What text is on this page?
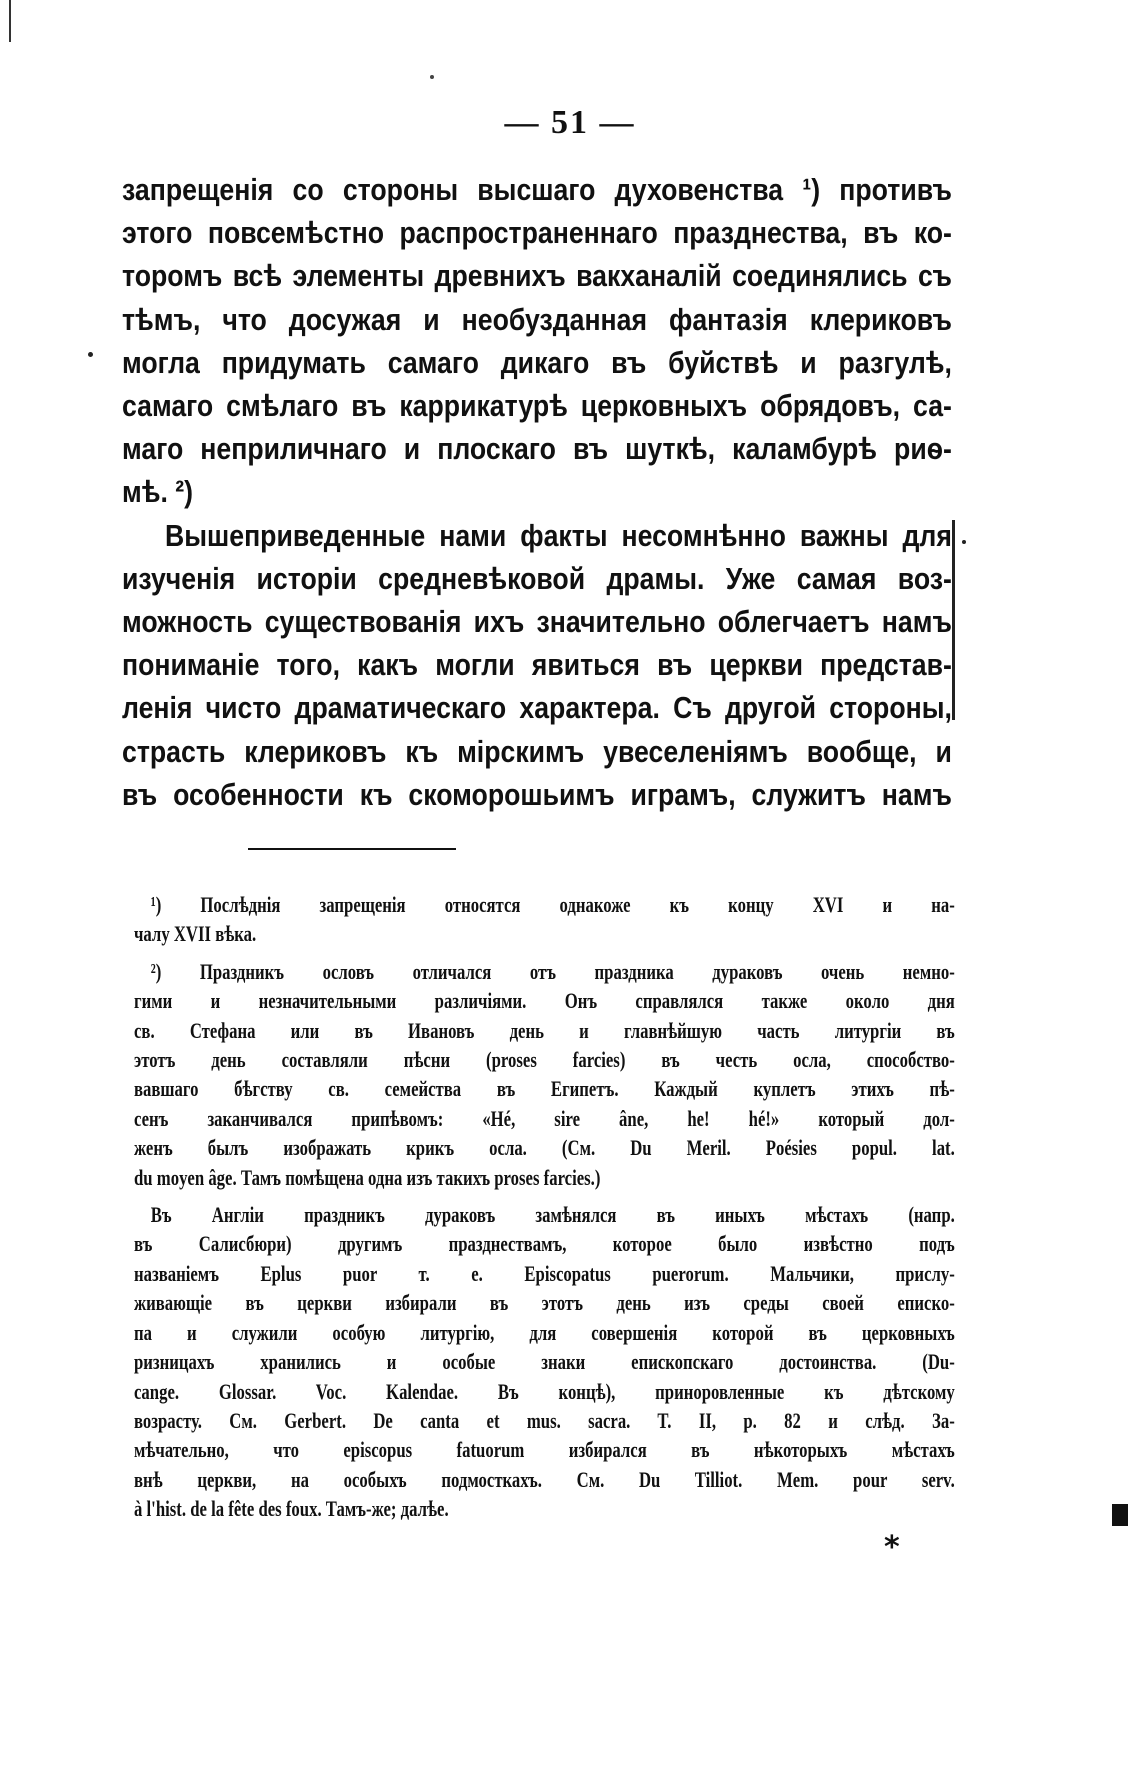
— 51 —

запрещенія со стороны высшаго духовенства ¹) противъ
этого повсемѣстно распространеннаго празднества, въ ко-
торомъ всѣ элементы древнихъ вакханалій соединялись съ
тѣмъ, что досужая и необузданная фантазія клериковъ
могла придумать самаго дикаго въ буйствѣ и разгулѣ,
самаго смѣлаго въ каррикатурѣ церковныхъ обрядовъ, са-
маго неприличнаго и плоскаго въ шуткѣ, каламбурѣ риѳ-
мѣ. ²)

Вышеприведенные нами факты несомнѣнно важны для
изученія исторіи средневѣковой драмы. Уже самая воз-
можность существованія ихъ значительно облегчаетъ намъ
пониманіе того, какъ могли явиться въ церкви представ-
ленія чисто драматическаго характера. Съ другой стороны,
страсть клериковъ къ мірскимъ увеселеніямъ вообще, и
въ особенности къ скоморошьимъ играмъ, служитъ намъ

¹) Послѣднія запрещенія относятся однакоже къ концу XVI и на-
чалу XVII вѣка.
²) Праздникъ ословъ отличался отъ праздника дураковъ очень немно-
гими и незначительными различіями. Онъ справлялся также около дня
св. Стефана или въ Ивановъ день и главнѣйшую часть литургіи въ
этотъ день составляли пѣсни (proses farcies) въ честь осла, способство-
вавшаго бѣгству св. семейства въ Египетъ. Каждый куплетъ этихъ пѣ-
сенъ заканчивался припѣвомъ: «Hé, sire âne, he! hé!» который дол-
женъ былъ изображать крикъ осла. (См. Du Meril. Poésies popul. lat.
du moyen âge. Тамъ помѣщена одна изъ такихъ proses farcies.)
Въ Англіи праздникъ дураковъ замѣнялся въ иныхъ мѣстахъ (напр.
въ Салисбюри) другимъ празднествамъ, которое было извѣстно подъ
названіемъ Eplus puor т. е. Episcopatus puerorum. Мальчики, прислу-
живающіе въ церкви избирали въ этотъ день изъ среды своей еписко-
па и служили особую литургію, для совершенія которой въ церковныхъ
ризницахъ хранились и особые знаки епископскаго достоинства. (Du-
cange. Glossar. Voc. Kalendae. Въ концѣ), приноровленные къ дѣтскому
возрасту. См. Gerbert. De canta et mus. sacra. T. II, p. 82 и слѣд. За-
мѣчательно, что episcopus fatuorum избирался въ нѣкоторыхъ мѣстахъ
внѣ церкви, на особыхъ подмосткахъ. См. Du Tilliot. Mem. pour serv.
à l'hist. de la fête des foux. Тамъ-же; далѣе.
*
